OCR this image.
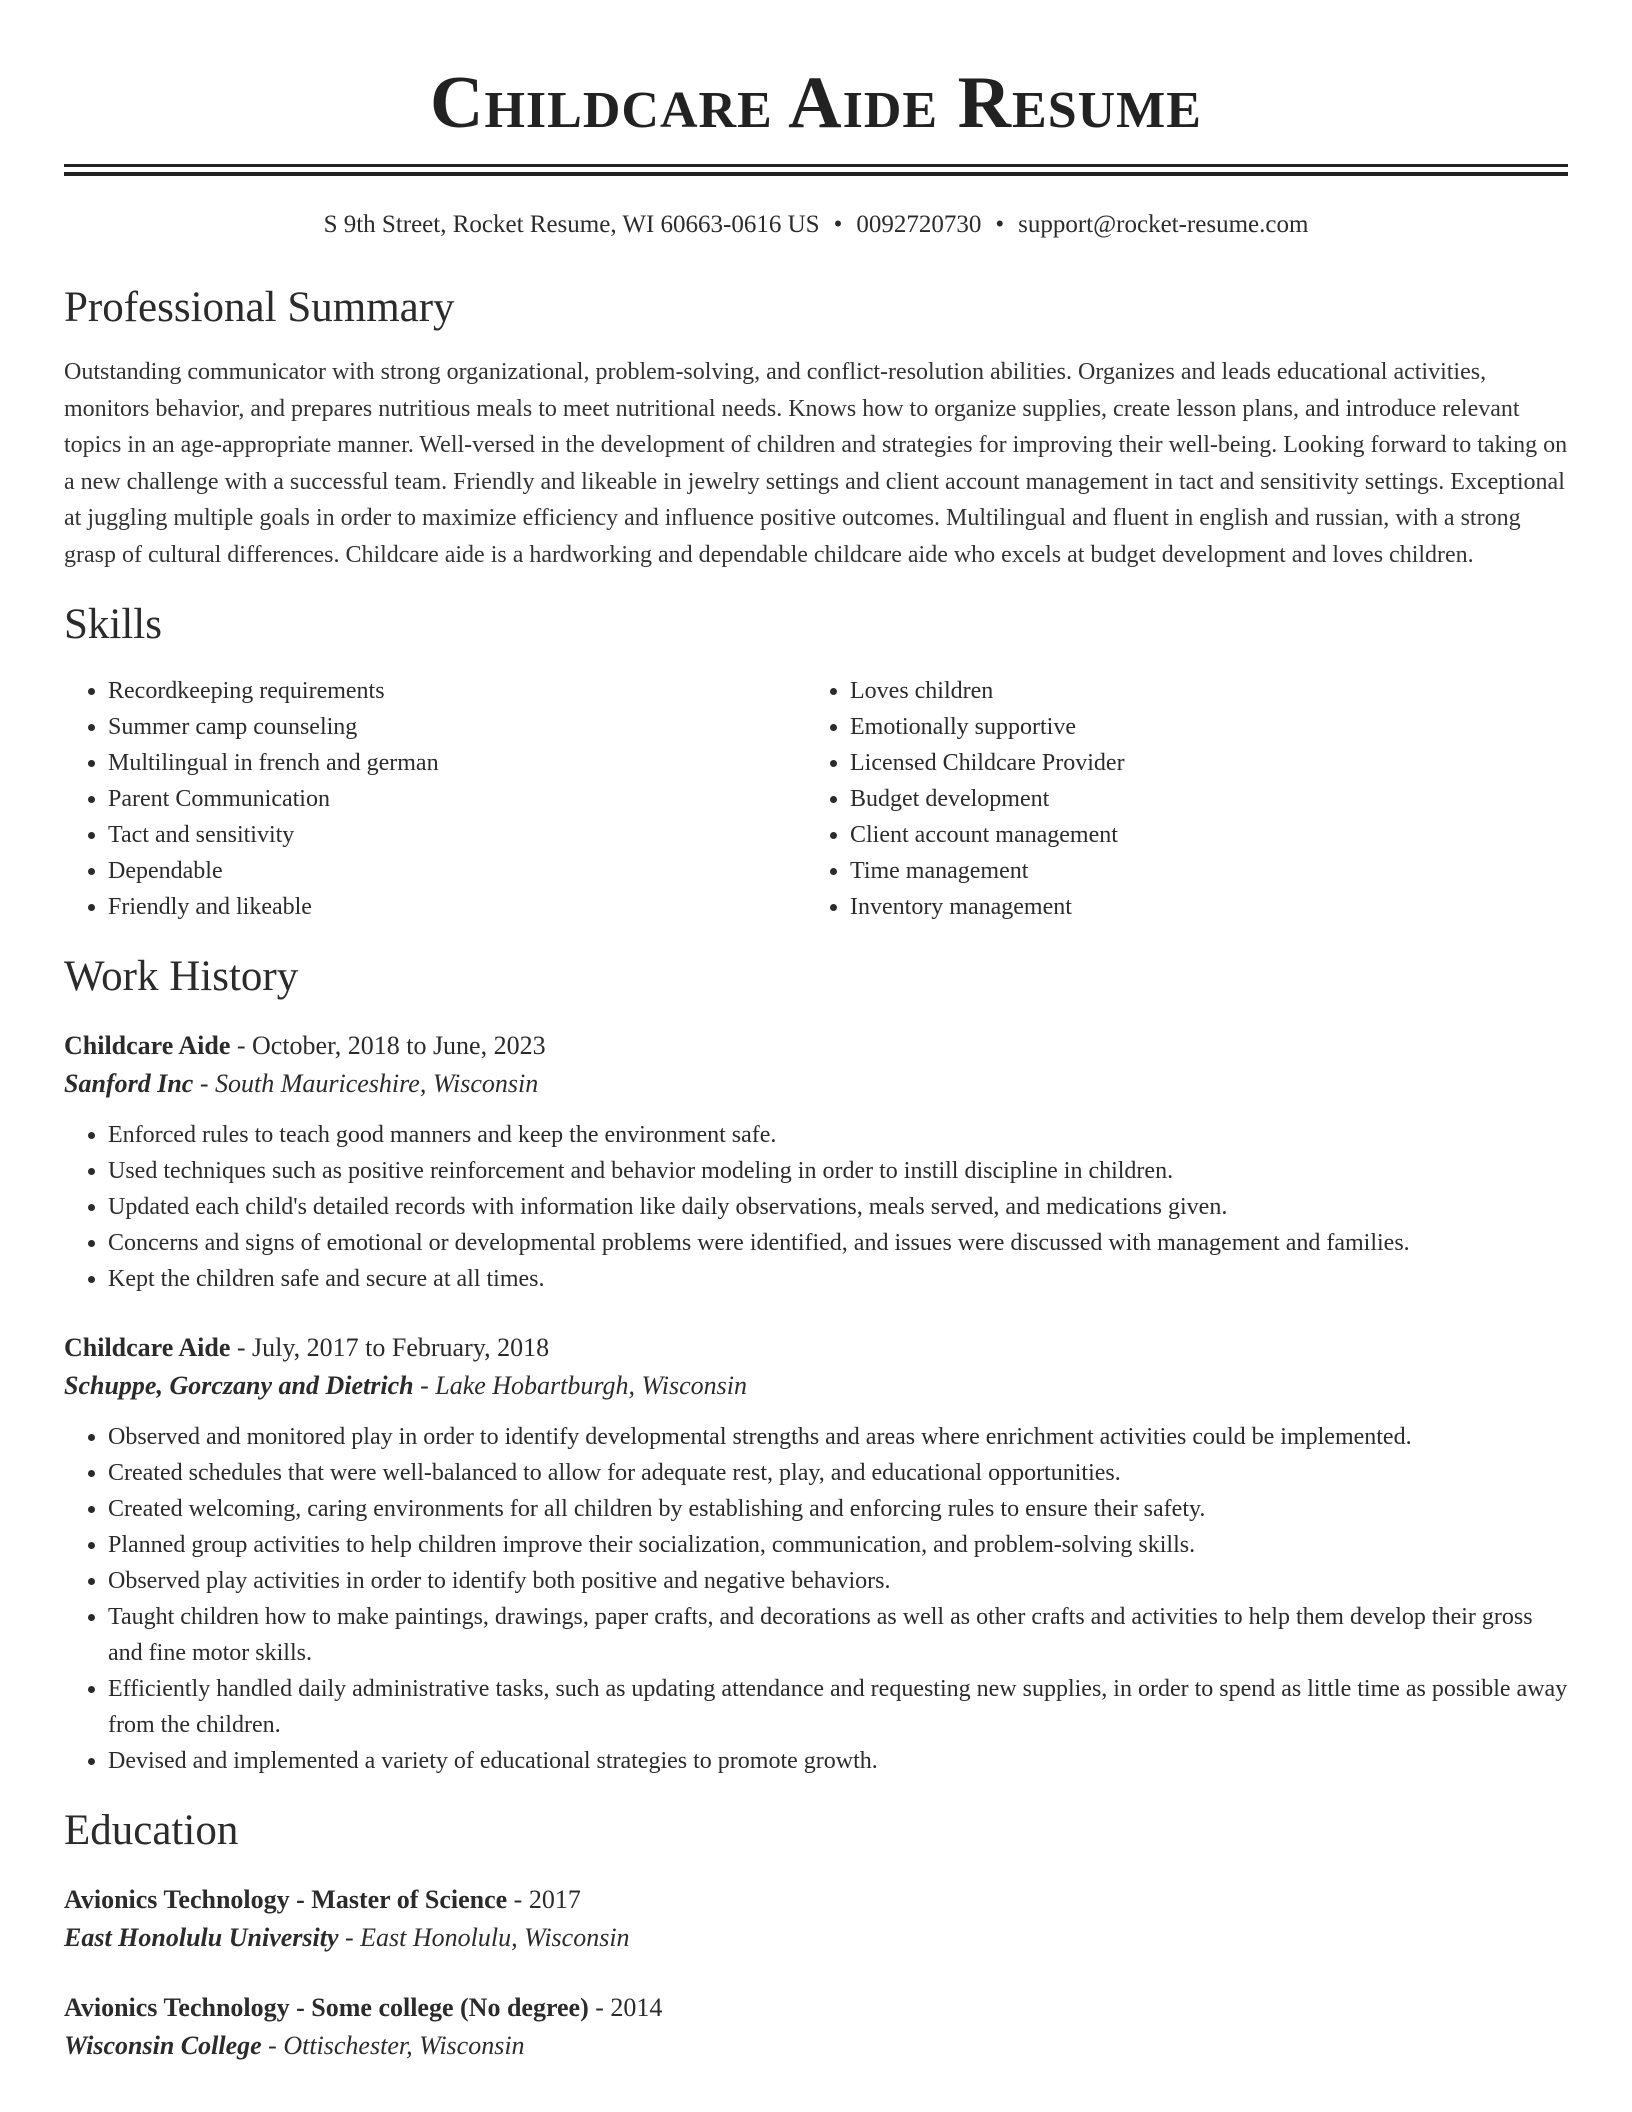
Childcare Aide Resume
S 9th Street, Rocket Resume, WI 60663-0616 US • 0092720730 • support@rocket-resume.com
Professional Summary
Outstanding communicator with strong organizational, problem-solving, and conflict-resolution abilities. Organizes and leads educational activities, monitors behavior, and prepares nutritious meals to meet nutritional needs. Knows how to organize supplies, create lesson plans, and introduce relevant topics in an age-appropriate manner. Well-versed in the development of children and strategies for improving their well-being. Looking forward to taking on a new challenge with a successful team. Friendly and likeable in jewelry settings and client account management in tact and sensitivity settings. Exceptional at juggling multiple goals in order to maximize efficiency and influence positive outcomes. Multilingual and fluent in english and russian, with a strong grasp of cultural differences. Childcare aide is a hardworking and dependable childcare aide who excels at budget development and loves children.
Skills
• Recordkeeping requirements
• Summer camp counseling
• Multilingual in french and german
• Parent Communication
• Tact and sensitivity
• Dependable
• Friendly and likeable
• Loves children
• Emotionally supportive
• Licensed Childcare Provider
• Budget development
• Client account management
• Time management
• Inventory management
Work History
Childcare Aide - October, 2018 to June, 2023
Sanford Inc - South Mauriceshire, Wisconsin
• Enforced rules to teach good manners and keep the environment safe.
• Used techniques such as positive reinforcement and behavior modeling in order to instill discipline in children.
• Updated each child's detailed records with information like daily observations, meals served, and medications given.
• Concerns and signs of emotional or developmental problems were identified, and issues were discussed with management and families.
• Kept the children safe and secure at all times.
Childcare Aide - July, 2017 to February, 2018
Schuppe, Gorczany and Dietrich - Lake Hobartburgh, Wisconsin
• Observed and monitored play in order to identify developmental strengths and areas where enrichment activities could be implemented.
• Created schedules that were well-balanced to allow for adequate rest, play, and educational opportunities.
• Created welcoming, caring environments for all children by establishing and enforcing rules to ensure their safety.
• Planned group activities to help children improve their socialization, communication, and problem-solving skills.
• Observed play activities in order to identify both positive and negative behaviors.
• Taught children how to make paintings, drawings, paper crafts, and decorations as well as other crafts and activities to help them develop their gross and fine motor skills.
• Efficiently handled daily administrative tasks, such as updating attendance and requesting new supplies, in order to spend as little time as possible away from the children.
• Devised and implemented a variety of educational strategies to promote growth.
Education
Avionics Technology - Master of Science - 2017
East Honolulu University - East Honolulu, Wisconsin
Avionics Technology - Some college (No degree) - 2014
Wisconsin College - Ottischester, Wisconsin
